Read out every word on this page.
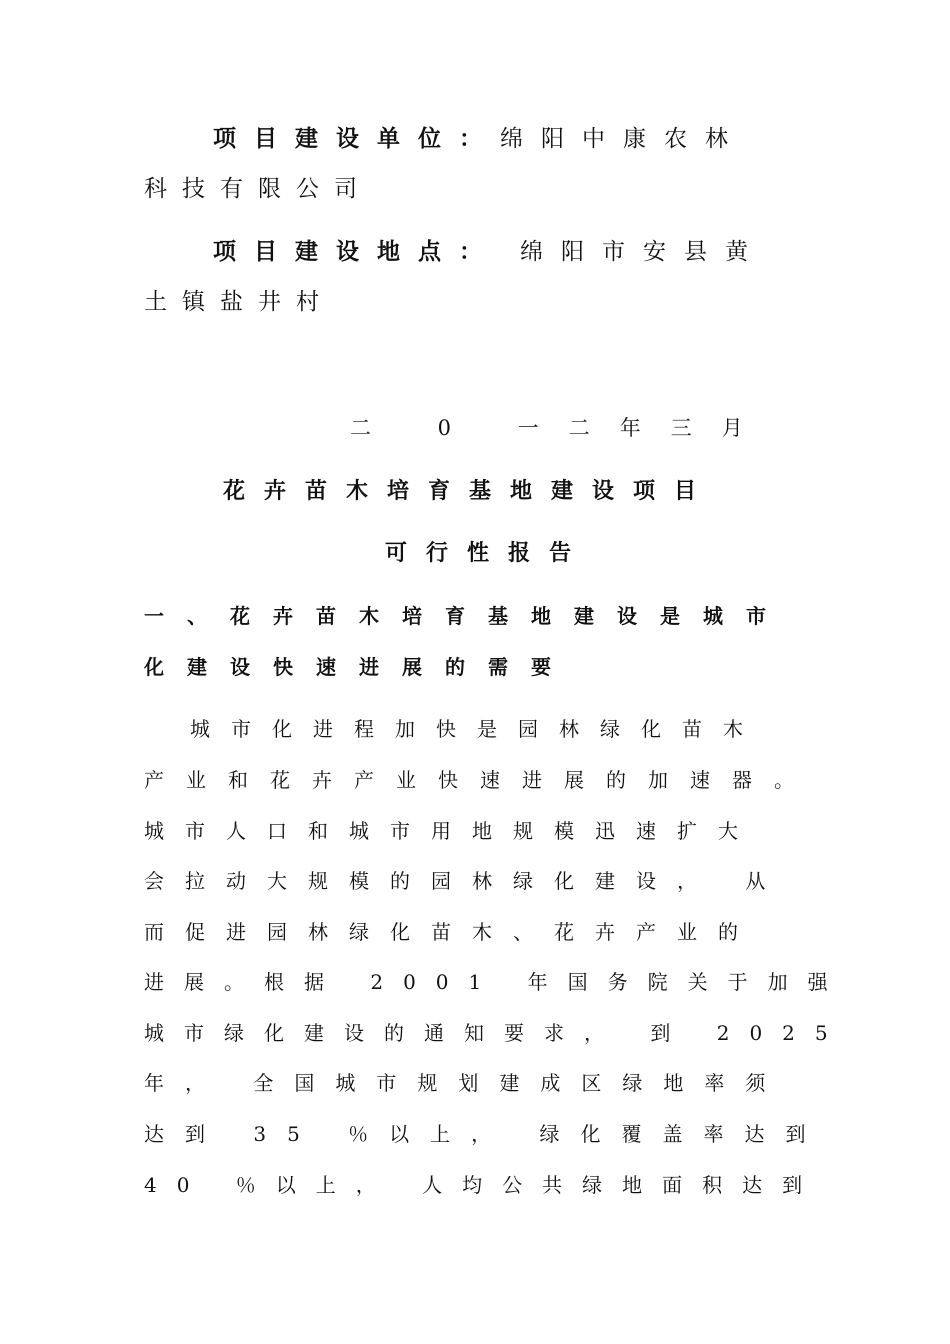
项目建设单位：绵阳中康农林
科技有限公司
项目建设地点： 绵阳市安县黄
土镇盐井村
二 0 一二年三月
花卉苗木培育基地建设项目
可行性报告
一、花卉苗木培育基地建设是城市
化建设快速进展的需要
城市化进程加快是园林绿化苗木
产业和花卉产业快速进展的加速器。
城市人口和城市用地规模迅速扩大
会拉动大规模的园林绿化建设， 从
而促进园林绿化苗木、花卉产业的
进展。根据 2001 年国务院关于加强
城市绿化建设的通知要求， 到 2025
年， 全国城市规划建成区绿地率须
达到 35 ％以上， 绿化覆盖率达到
40 ％以上， 人均公共绿地面积达到
